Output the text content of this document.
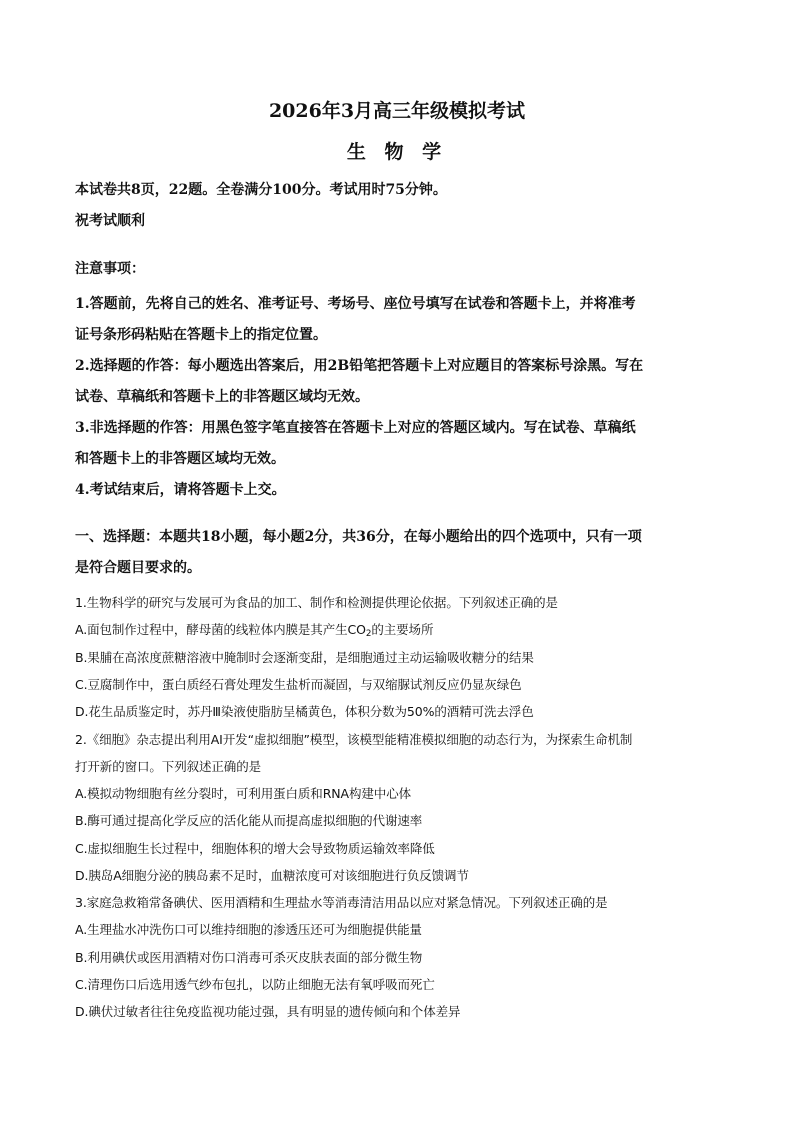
2026年3月高三年级模拟考试
生 物 学
本试卷共8页，22题。全卷满分100分。考试用时75分钟。
祝考试顺利
注意事项：
1.答题前，先将自己的姓名、准考证号、考场号、座位号填写在试卷和答题卡上，并将准考
证号条形码粘贴在答题卡上的指定位置。
2.选择题的作答：每小题选出答案后，用2B铅笔把答题卡上对应题目的答案标号涂黑。写在
试卷、草稿纸和答题卡上的非答题区域均无效。
3.非选择题的作答：用黑色签字笔直接答在答题卡上对应的答题区域内。写在试卷、草稿纸
和答题卡上的非答题区域均无效。
4.考试结束后，请将答题卡上交。
一、选择题：本题共18小题，每小题2分，共36分，在每小题给出的四个选项中，只有一项
是符合题目要求的。
1.生物科学的研究与发展可为食品的加工、制作和检测提供理论依据。下列叙述正确的是
A.面包制作过程中，酵母菌的线粒体内膜是其产生$CO_2$的主要场所
B.果脯在高浓度蔗糖溶液中腌制时会逐渐变甜，是细胞通过主动运输吸收糖分的结果
C.豆腐制作中，蛋白质经石膏处理发生盐析而凝固，与双缩脲试剂反应仍显灰绿色
D.花生品质鉴定时，苏丹Ⅲ染液使脂肪呈橘黄色，体积分数为50%的酒精可洗去浮色
2.《细胞》杂志提出利用AI开发“虚拟细胞”模型，该模型能精准模拟细胞的动态行为，为探索生命机制
打开新的窗口。下列叙述正确的是
A.模拟动物细胞有丝分裂时，可利用蛋白质和RNA构建中心体
B.酶可通过提高化学反应的活化能从而提高虚拟细胞的代谢速率
C.虚拟细胞生长过程中，细胞体积的增大会导致物质运输效率降低
D.胰岛A细胞分泌的胰岛素不足时，血糖浓度可对该细胞进行负反馈调节
3.家庭急救箱常备碘伏、医用酒精和生理盐水等消毒清洁用品以应对紧急情况。下列叙述正确的是
A.生理盐水冲洗伤口可以维持细胞的渗透压还可为细胞提供能量
B.利用碘伏或医用酒精对伤口消毒可杀灭皮肤表面的部分微生物
C.清理伤口后选用透气纱布包扎，以防止细胞无法有氧呼吸而死亡
D.碘伏过敏者往往免疫监视功能过强，具有明显的遗传倾向和个体差异
